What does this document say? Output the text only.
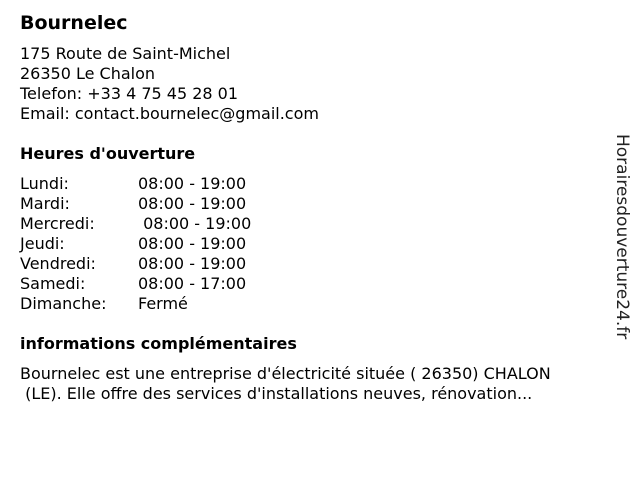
Bournelec
175 Route de Saint-Michel
26350 Le Chalon
Telefon: +33 4 75 45 28 01
Email: contact.bournelec@gmail.com
Heures d'ouverture
Lundi:	08:00 - 19:00
Mardi:	08:00 - 19:00
Mercredi:	08:00 - 19:00
Jeudi:	08:00 - 19:00
Vendredi:	08:00 - 19:00
Samedi:	08:00 - 17:00
Dimanche: Fermé
informations complémentaires
Bournelec est une entreprise d'électricité située ( 26350) CHALON
(LE). Elle offre des services d'installations neuves, rénovation...
Horairesdouverture24.fr
